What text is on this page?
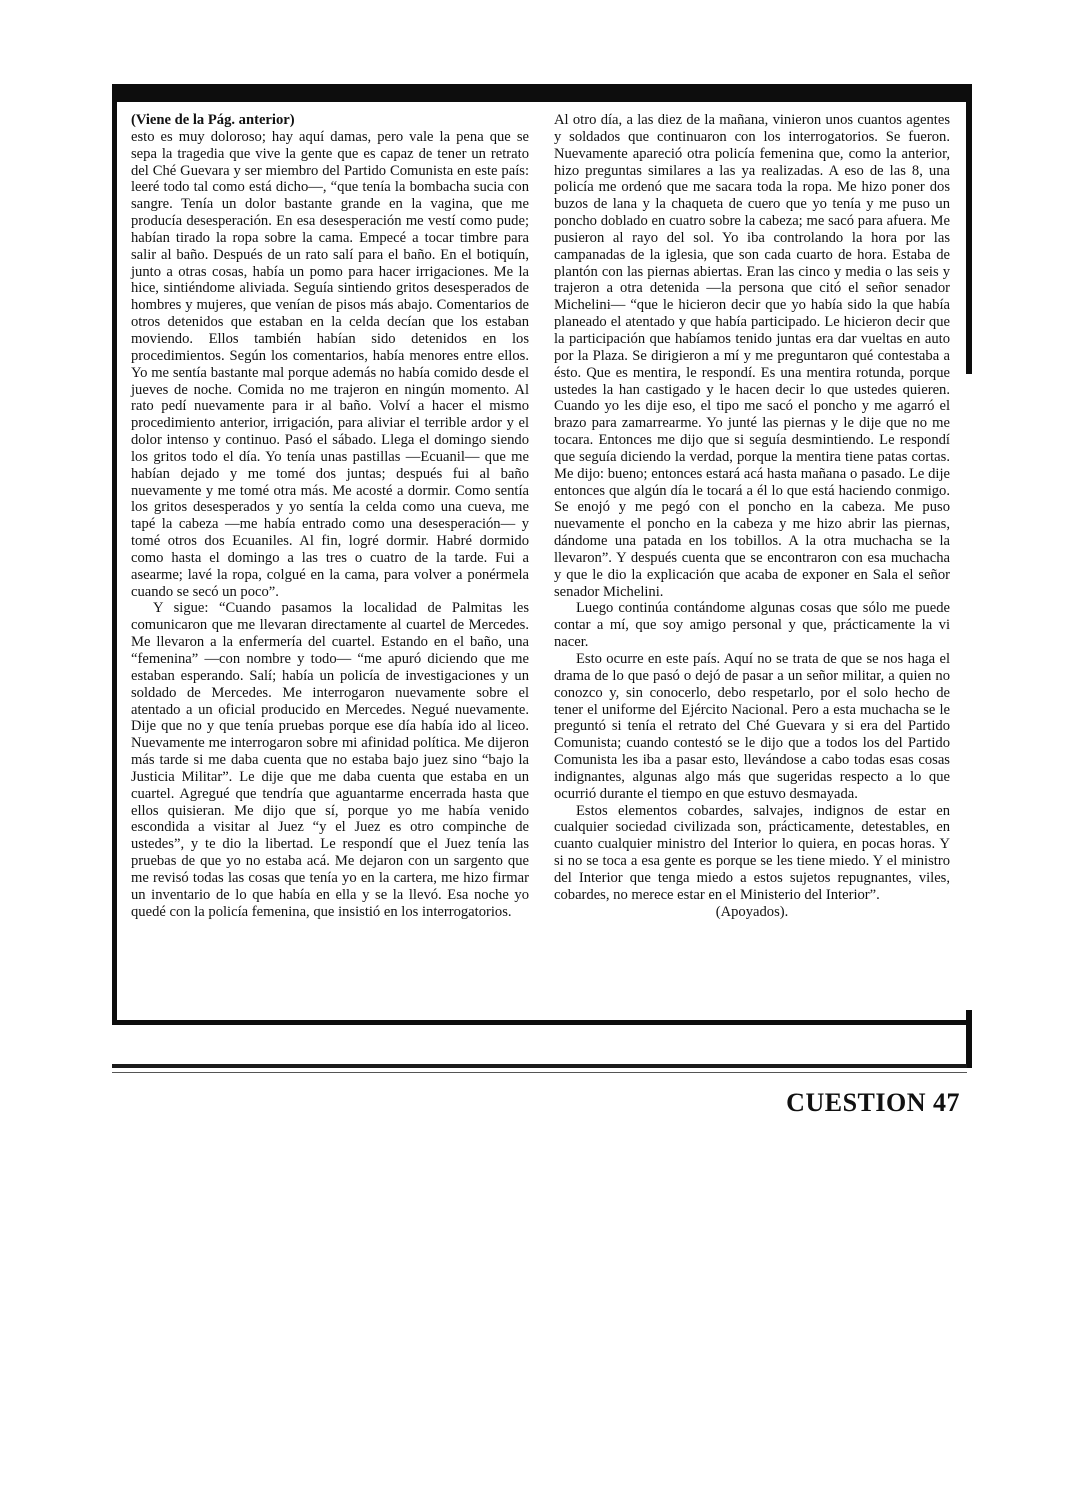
(Viene de la Pág. anterior)

esto es muy doloroso; hay aquí damas, pero vale la pena que se sepa la tragedia que vive la gente que es capaz de tener un retrato del Ché Guevara y ser miembro del Partido Comunista en este país: leeré todo tal como está dicho—, “que tenía la bombacha sucia con sangre. Tenía un dolor bastante grande en la vagina, que me producía desesperación. En esa desesperación me vestí como pude; habían tirado la ropa sobre la cama. Empecé a tocar timbre para salir al baño. Después de un rato salí para el baño. En el botiquín, junto a otras cosas, había un pomo para hacer irrigaciones. Me la hice, sintiéndome aliviada. Seguía sintiendo gritos desesperados de hombres y mujeres, que venían de pisos más abajo. Comentarios de otros detenidos que estaban en la celda decían que los estaban moviendo. Ellos también habían sido detenidos en los procedimientos. Según los comentarios, había menores entre ellos. Yo me sentía bastante mal porque además no había comido desde el jueves de noche. Comida no me trajeron en ningún momento. Al rato pedí nuevamente para ir al baño. Volví a hacer el mismo procedimiento anterior, irrigación, para aliviar el terrible ardor y el dolor intenso y continuo. Pasó el sábado. Llega el domingo siendo los gritos todo el día. Yo tenía unas pastillas —Ecuanil— que me habían dejado y me tomé dos juntas; después fui al baño nuevamente y me tomé otra más. Me acosté a dormir. Como sentía los gritos desesperados y yo sentía la celda como una cueva, me tapé la cabeza —me había entrado como una desesperación— y tomé otros dos Ecuaniles. Al fin, logré dormir. Habré dormido como hasta el domingo a las tres o cuatro de la tarde. Fui a asearme; lavé la ropa, colgué en la cama, para volver a ponérmela cuando se secó un poco”.

Y sigue: “Cuando pasamos la localidad de Palmitas les comunicaron que me llevaran directamente al cuartel de Mercedes. Me llevaron a la enfermería del cuartel. Estando en el baño, una “femenina” —con nombre y todo— “me apuró diciendo que me estaban esperando. Salí; había un policía de investigaciones y un soldado de Mercedes. Me interrogaron nuevamente sobre el atentado a un oficial producido en Mercedes. Negué nuevamente. Dije que no y que tenía pruebas porque ese día había ido al liceo. Nuevamente me interrogaron sobre mi afinidad política. Me dijeron más tarde si me daba cuenta que no estaba bajo juez sino “bajo la Justicia Militar”. Le dije que me daba cuenta que estaba en un cuartel. Agregué que tendría que aguantarme encerrada hasta que ellos quisieran. Me dijo que sí, porque yo me había venido escondida a visitar al Juez “y el Juez es otro compinche de ustedes”, y te dio la libertad. Le respondí que el Juez tenía las pruebas de que yo no estaba acá. Me dejaron con un sargento que me revisó todas las cosas que tenía yo en la cartera, me hizo firmar un inventario de lo que había en ella y se la llevó. Esa noche yo quedé con la policía femenina, que insistió en los interrogatorios.

Al otro día, a las diez de la mañana, vinieron unos cuantos agentes y soldados que continuaron con los interrogatorios. Se fueron. Nuevamente apareció otra policía femenina que, como la anterior, hizo preguntas similares a las ya realizadas. A eso de las 8, una policía me ordenó que me sacara toda la ropa. Me hizo poner dos buzos de lana y la chaqueta de cuero que yo tenía y me puso un poncho doblado en cuatro sobre la cabeza; me sacó para afuera. Me pusieron al rayo del sol. Yo iba controlando la hora por las campanadas de la iglesia, que son cada cuarto de hora. Estaba de plantón con las piernas abiertas. Eran las cinco y media o las seis y trajeron a otra detenida —la persona que citó el señor senador Michelini— “que le hicieron decir que yo había sido la que había planeado el atentado y que había participado. Le hicieron decir que la participación que habíamos tenido juntas era dar vueltas en auto por la Plaza. Se dirigieron a mí y me preguntaron qué contestaba a ésto. Que es mentira, le respondí. Es una mentira rotunda, porque ustedes la han castigado y le hacen decir lo que ustedes quieren. Cuando yo les dije eso, el tipo me sacó el poncho y me agarró el brazo para zamarrearme. Yo junté las piernas y le dije que no me tocara. Entonces me dijo que si seguía desmintiendo. Le respondí que seguía diciendo la verdad, porque la mentira tiene patas cortas. Me dijo: bueno; entonces estará acá hasta mañana o pasado. Le dije entonces que algún día le tocará a él lo que está haciendo conmigo. Se enojó y me pegó con el poncho en la cabeza. Me puso nuevamente el poncho en la cabeza y me hizo abrir las piernas, dándome una patada en los tobillos. A la otra muchacha se la llevaron”. Y después cuenta que se encontraron con esa muchacha y que le dio la explicación que acaba de exponer en Sala el señor senador Michelini.

Luego continúa contándome algunas cosas que sólo me puede contar a mí, que soy amigo personal y que, prácticamente la vi nacer.

Esto ocurre en este país. Aquí no se trata de que se nos haga el drama de lo que pasó o dejó de pasar a un señor militar, a quien no conozco y, sin conocerlo, debo respetarlo, por el solo hecho de tener el uniforme del Ejército Nacional. Pero a esta muchacha se le preguntó si tenía el retrato del Ché Guevara y si era del Partido Comunista; cuando contestó se le dijo que a todos los del Partido Comunista les iba a pasar esto, llevándose a cabo todas esas cosas indignantes, algunas algo más que sugeridas respecto a lo que ocurrió durante el tiempo en que estuvo desmayada.

Estos elementos cobardes, salvajes, indignos de estar en cualquier sociedad civilizada son, prácticamente, detestables, en cuanto cualquier ministro del Interior lo quiera, en pocas horas. Y si no se toca a esa gente es porque se les tiene miedo. Y el ministro del Interior que tenga miedo a estos sujetos repugnantes, viles, cobardes, no merece estar en el Ministerio del Interior”.

(Apoyados).

CUESTION 47
